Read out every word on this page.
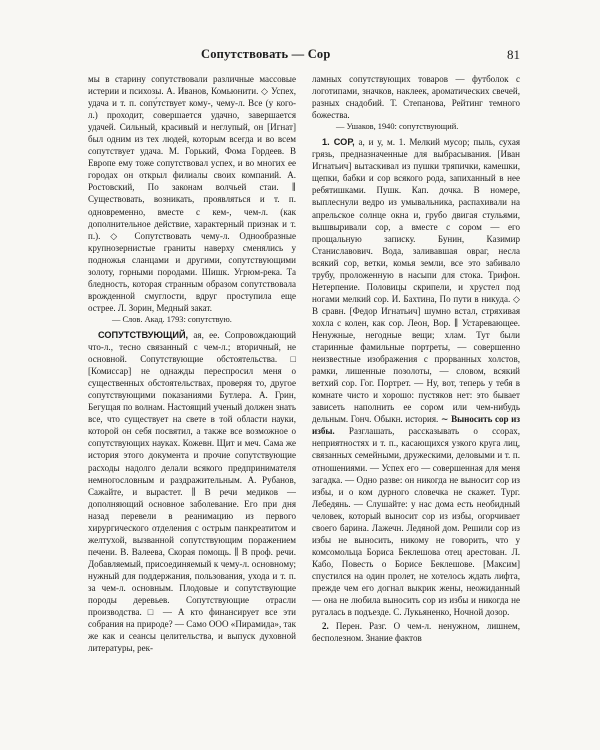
Сопутствовать — Сор	81

мы в старину сопутствовали различные массовые истерии и психозы. А. Иванов, Комьюнити. ◇ Успех, удача и т. п. сопу́тствует кому-, чему-л. Все (у кого-л.) проходит, совершается удачно, завершается удачей. Сильный, красивый и неглупый, он [Игнат] был одним из тех людей, которым всегда и во всем сопутствует удача. М. Горький, Фома Гордеев. В Европе ему тоже сопутствовал успех, и во многих ее городах он открыл филиалы своих компаний. А. Ростовский, По законам волчьей стаи. ∥ Существовать, возникать, проявляться и т. п. одновременно, вместе с кем-, чем-л. (как дополнительное действие, характерный признак и т. п.). ◇ Сопутствовать чему-л. Однообразные крупнозернистые граниты наверху сменялись у подножья сланцами и другими, сопутствующими золоту, горными породами. Шишк. Угрюм-река. Та бледность, которая странным образом сопутствовала врожденной смуглости, вдруг проступила еще острее. Л. Зорин, Медный закат.

— Слов. Акад. 1793: сопутствую.

СОПУТСТВУЮЩИЙ, ая, ее. Сопровождающий что-л., тесно связанный с чем-л.; вторичный, не основной. Сопутствующие обстоятельства. □ [Комиссар] не однажды переспросил меня о существенных обстоятельствах, проверяя то, другое сопутствующими показаниями Бутлера. А. Грин, Бегущая по волнам. Настоящий ученый должен знать все, что существует на свете в той области науки, которой он себя посвятил, а также все возможное о сопутствующих науках. Кожевн. Щит и меч. Сама же история этого документа и прочие сопутствующие расходы надолго делали всякого предпринимателя немногословным и раздражительным. А. Рубанов, Сажайте, и вырастет. ∥ В речи медиков — дополняющий основное заболевание. Его при дня назад перевели в реанимацию из первого хирургического отделения с острым панкреатитом и желтухой, вызванной сопутствующим поражением печени. В. Валеева, Скорая помощь. ∥ В проф. речи. Добавляемый, присоединяемый к чему-л. основному; нужный для поддержания, пользования, ухода и т. п. за чем-л. основным. Плодовые и сопутствующие породы деревьев. Сопутствующие отрасли производства. □ — А кто финансирует все эти собрания на природе? — Само ООО «Пирамида», так же как и сеансы целительства, и выпуск духовной литературы, рек-

ламных сопутствующих товаров — футболок с логотипами, значков, наклеек, ароматических свечей, разных снадобий. Т. Степанова, Рейтинг темного божества.

— Ушаков, 1940: сопутствующий.

1. СОР, а, и у, м. 1. Мелкий мусор; пыль, сухая грязь, предназначенные для выбрасывания. [Иван Игнатьич] вытаскивал из пушки тряпички, камешки, щепки, бабки и сор всякого рода, запиханный в нее ребятишками. Пушк. Кап. дочка. В номере, выплеснули ведро из умывальника, распахивали на апрельское солнце окна и, грубо двигая стульями, вышвыривали сор, а вместе с сором — его прощальную записку. Бунин, Казимир Станиславович. Вода, заливавшая овраг, несла всякий сор, ветки, комья земли, все это забивало трубу, проложенную в насыпи для стока. Трифон. Нетерпение. Половицы скрипели, и хрустел под ногами мелкий сор. И. Бахтина, По пути в никуда. ◇ В сравн. [Федор Игнатьич] шумно встал, стряхивая хохла с колен, как сор. Леон, Вор. ∥ Устаревающее. Ненужные, негодные вещи; хлам. Тут были старинные фамильные портреты, — совершенно неизвестные изображения с прорванных холстов, рамки, лишенные позолоты, — словом, всякий ветхий сор. Гог. Портрет. — Ну, вот, теперь у тебя в комнате чисто и хорошо: пустяков нет: это бывает зависеть наполнить ее сором или чем-нибудь дельным. Гонч. Обыкн. история. ∼ Выносить сор из избы. Разглашать, рассказывать о ссорах, неприятностях и т. п., касающихся узкого круга лиц, связанных семейными, дружескими, деловыми и т. п. отношениями. — Успех его — совершенная для меня загадка. — Одно разве: он никогда не выносит сор из избы, и о ком дурного словечка не скажет. Тург. Лебедянь. — Слушайте: у нас дома есть необидный человек, который выносит сор из избы, огорчивает своего барина. Лажечн. Ледяной дом. Решили сор из избы не выносить, никому не говорить, что у комсомольца Бориса Беклешова отец арестован. Л. Кабо, Повесть о Борисе Беклешове. [Максим] спустился на один пролет, не хотелось ждать лифта, прежде чем его догнал выкрик жены, неожиданный — она не любила выносить сор из избы и никогда не ругалась в подъезде. С. Лукьяненко, Ночной дозор.

2. Перен. Разг. О чем-л. ненужном, лишнем, бесполезном. Знание фактов
